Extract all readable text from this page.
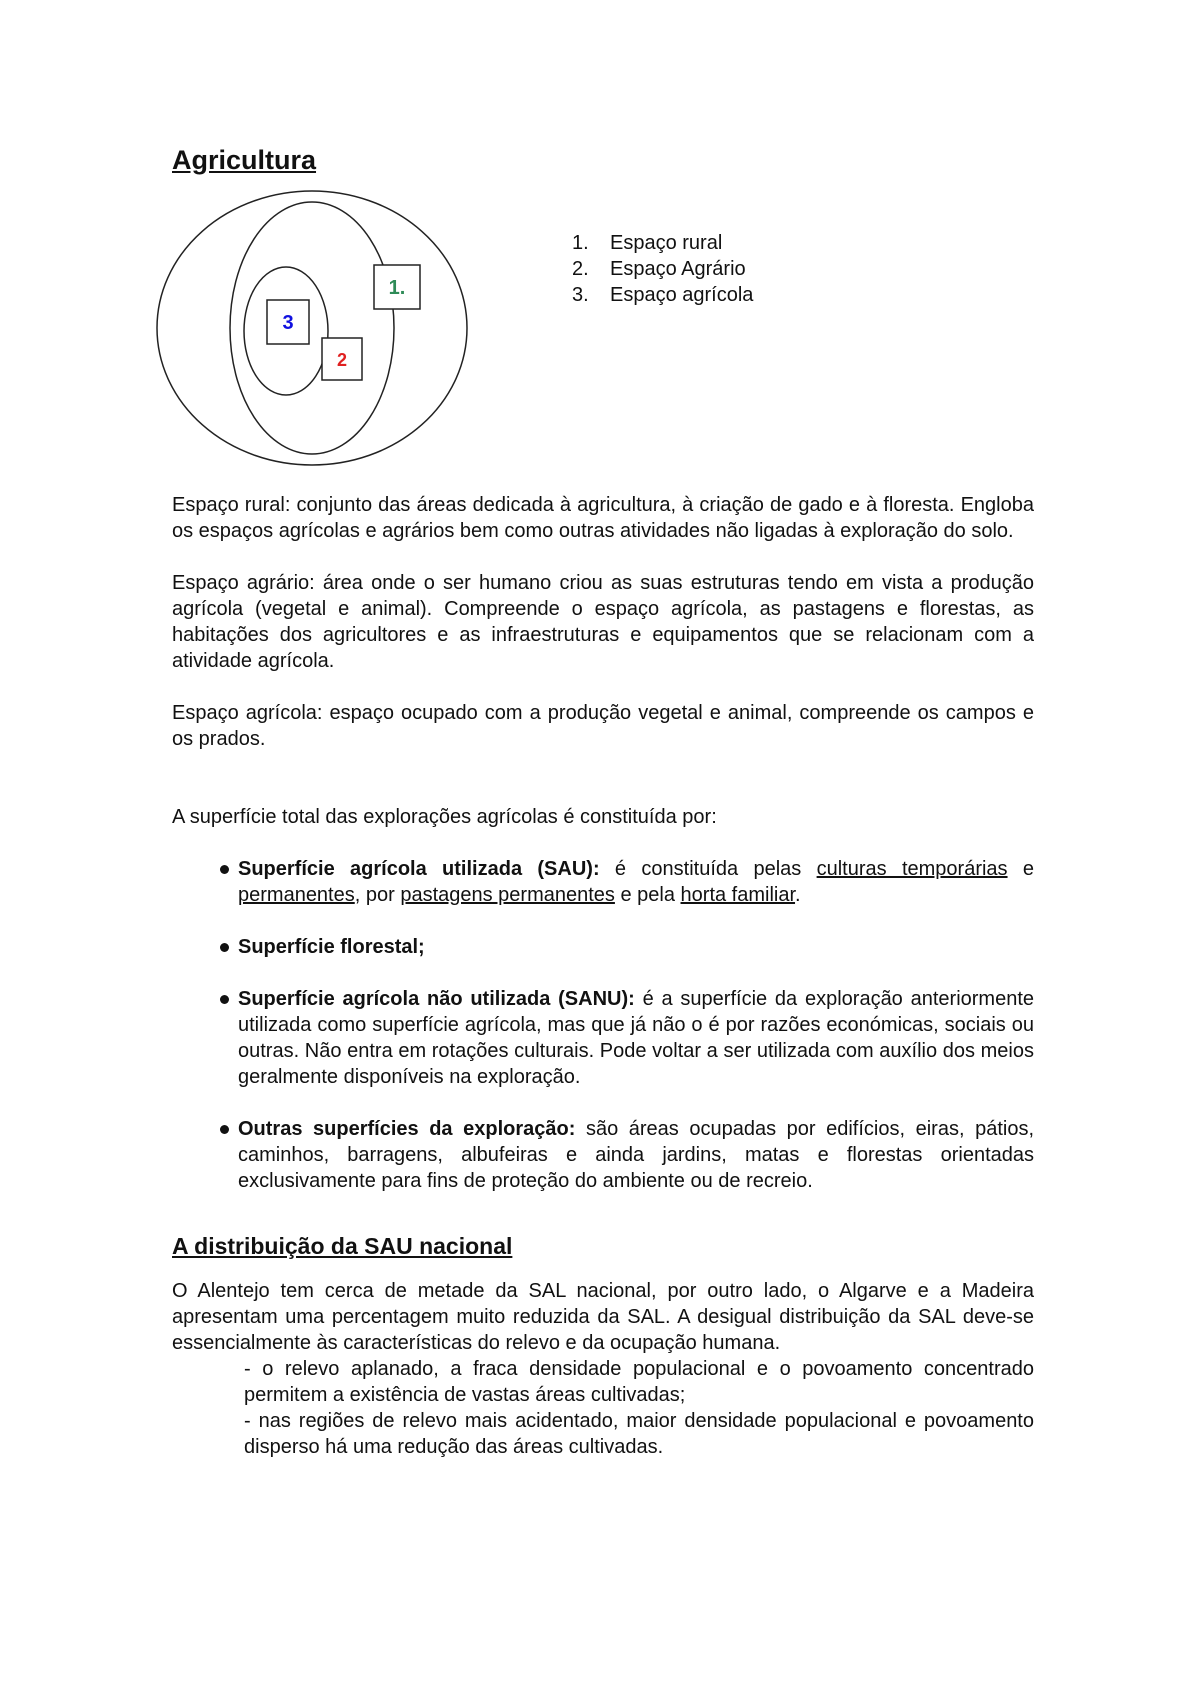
Agricultura
1.
3
2
1.	Espaço rural
2.	Espaço Agrário
3.	Espaço agrícola

Espaço rural: conjunto das áreas dedicada à agricultura, à criação de gado e à floresta. Engloba os espaços agrícolas e agrários bem como outras atividades não ligadas à exploração do solo.

Espaço agrário: área onde o ser humano criou as suas estruturas tendo em vista a produção agrícola (vegetal e animal). Compreende o espaço agrícola, as pastagens e florestas, as habitações dos agricultores e as infraestruturas e equipamentos que se relacionam com a atividade agrícola.

Espaço agrícola: espaço ocupado com a produção vegetal e animal, compreende os campos e os prados.

A superfície total das explorações agrícolas é constituída por:

Superfície agrícola utilizada (SAU): é constituída pelas culturas temporárias e permanentes, por pastagens permanentes e pela horta familiar.
Superfície florestal;
Superfície agrícola não utilizada (SANU): é a superfície da exploração anteriormente utilizada como superfície agrícola, mas que já não o é por razões económicas, sociais ou outras. Não entra em rotações culturais. Pode voltar a ser utilizada com auxílio dos meios geralmente disponíveis na exploração.
Outras superfícies da exploração: são áreas ocupadas por edifícios, eiras, pátios, caminhos, barragens, albufeiras e ainda jardins, matas e florestas orientadas exclusivamente para fins de proteção do ambiente ou de recreio.
A distribuição da SAU nacional

O Alentejo tem cerca de metade da SAL nacional, por outro lado, o Algarve e a Madeira apresentam uma percentagem muito reduzida da SAL. A desigual distribuição da SAL deve-se essencialmente às características do relevo e da ocupação humana.

- o relevo aplanado, a fraca densidade populacional e o povoamento concentrado permitem a existência de vastas áreas cultivadas;
- nas regiões de relevo mais acidentado, maior densidade populacional e povoamento disperso há uma redução das áreas cultivadas.
